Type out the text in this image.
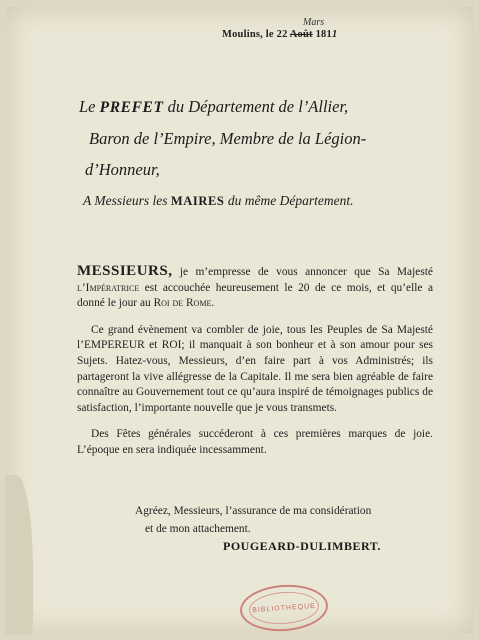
Mars
Moulins, le 22 Août 1811
Le PREFET du Département de l’Allier,
Baron de l’Empire, Membre de la Légion-
d’Honneur,
A Messieurs les MAIRES du même Département.

MESSIEURS, je m’empresse de vous annoncer que Sa Majesté l’Impératrice est accouchée heureusement le 20 de ce mois, et qu’elle a donné le jour au Roi de Rome.

Ce grand évènement va combler de joie, tous les Peuples de Sa Majesté l’EMPEREUR et ROI; il manquait à son bonheur et à son amour pour ses Sujets. Hatez-vous, Messieurs, d’en faire part à vos Administrés; ils partageront la vive allégresse de la Capitale. Il me sera bien agréable de faire connaître au Gouvernement tout ce qu’aura inspiré de témoignages publics de satisfaction, l’importante nouvelle que je vous transmets.

Des Fêtes générales succéderont à ces premières marques de joie. L’époque en sera indiquée incessamment.

Agréez, Messieurs, l’assurance de ma considération
et de mon attachement.
POUGEARD-DULIMBERT.
BIBLIOTHEQUE
